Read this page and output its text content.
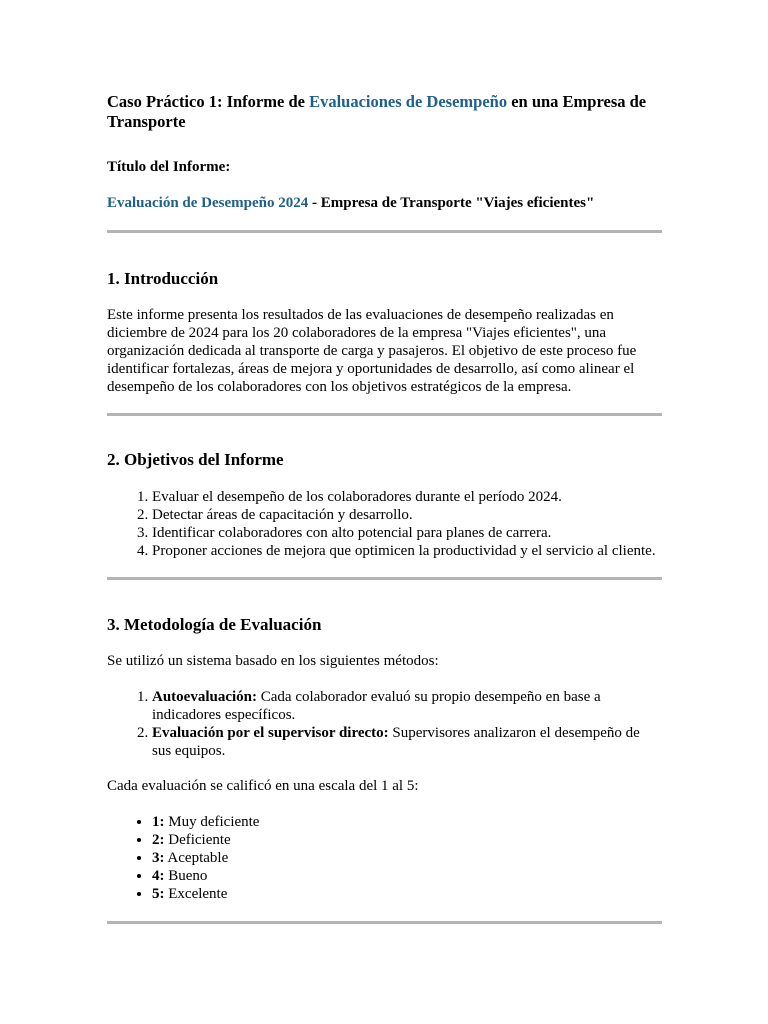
Caso Práctico 1: Informe de Evaluaciones de Desempeño en una Empresa de Transporte

Título del Informe:

Evaluación de Desempeño 2024 - Empresa de Transporte "Viajes eficientes"

1. Introducción

Este informe presenta los resultados de las evaluaciones de desempeño realizadas en diciembre de 2024 para los 20 colaboradores de la empresa "Viajes eficientes", una organización dedicada al transporte de carga y pasajeros. El objetivo de este proceso fue identificar fortalezas, áreas de mejora y oportunidades de desarrollo, así como alinear el desempeño de los colaboradores con los objetivos estratégicos de la empresa.

2. Objetivos del Informe
1. Evaluar el desempeño de los colaboradores durante el período 2024.
2. Detectar áreas de capacitación y desarrollo.
3. Identificar colaboradores con alto potencial para planes de carrera.
4. Proponer acciones de mejora que optimicen la productividad y el servicio al cliente.
3. Metodología de Evaluación

Se utilizó un sistema basado en los siguientes métodos:

1. Autoevaluación: Cada colaborador evaluó su propio desempeño en base a indicadores específicos.
2. Evaluación por el supervisor directo: Supervisores analizaron el desempeño de sus equipos.

Cada evaluación se calificó en una escala del 1 al 5:

• 1: Muy deficiente
• 2: Deficiente
• 3: Aceptable
• 4: Bueno
• 5: Excelente
